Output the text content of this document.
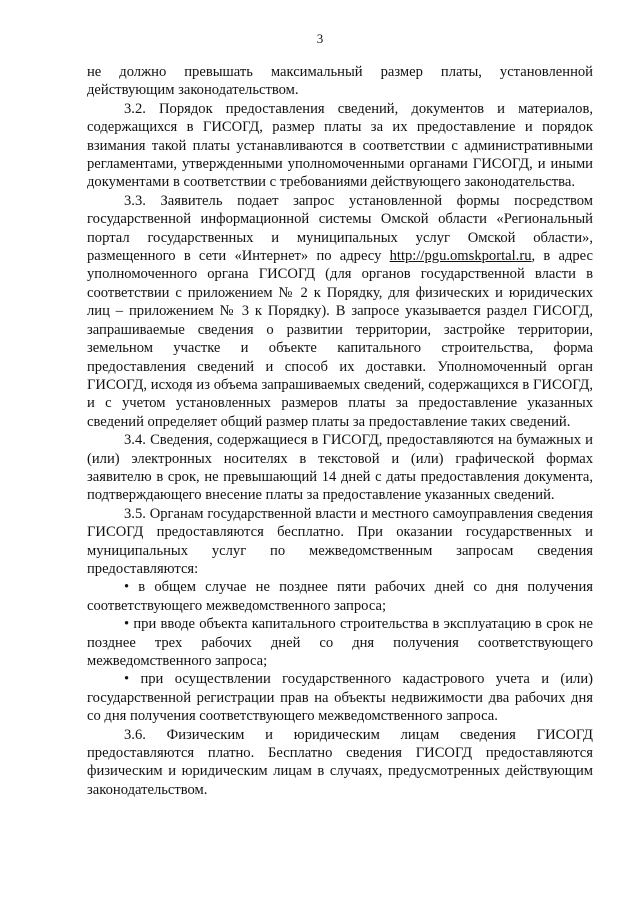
3

не должно превышать максимальный размер платы, установленной действующим законодательством.

3.2. Порядок предоставления сведений, документов и материалов, содержащихся в ГИСОГД, размер платы за их предоставление и порядок взимания такой платы устанавливаются в соответствии с административными регламентами, утвержденными уполномоченными органами ГИСОГД, и иными документами в соответствии с требованиями действующего законодательства.

3.3. Заявитель подает запрос установленной формы посредством государственной информационной системы Омской области «Региональный портал государственных и муниципальных услуг Омской области», размещенного в сети «Интернет» по адресу http://pgu.omskportal.ru, в адрес уполномоченного органа ГИСОГД (для органов государственной власти в соответствии с приложением № 2 к Порядку, для физических и юридических лиц – приложением № 3 к Порядку). В запросе указывается раздел ГИСОГД, запрашиваемые сведения о развитии территории, застройке территории, земельном участке и объекте капитального строительства, форма предоставления сведений и способ их доставки. Уполномоченный орган ГИСОГД, исходя из объема запрашиваемых сведений, содержащихся в ГИСОГД, и с учетом установленных размеров платы за предоставление указанных сведений определяет общий размер платы за предоставление таких сведений.

3.4. Сведения, содержащиеся в ГИСОГД, предоставляются на бумажных и (или) электронных носителях в текстовой и (или) графической формах заявителю в срок, не превышающий 14 дней с даты предоставления документа, подтверждающего внесение платы за предоставление указанных сведений.

3.5. Органам государственной власти и местного самоуправления сведения ГИСОГД предоставляются бесплатно. При оказании государственных и муниципальных услуг по межведомственным запросам сведения предоставляются:

• в общем случае не позднее пяти рабочих дней со дня получения соответствующего межведомственного запроса;

• при вводе объекта капитального строительства в эксплуатацию в срок не позднее трех рабочих дней со дня получения соответствующего межведомственного запроса;

• при осуществлении государственного кадастрового учета и (или) государственной регистрации прав на объекты недвижимости два рабочих дня со дня получения соответствующего межведомственного запроса.

3.6. Физическим и юридическим лицам сведения ГИСОГД предоставляются платно. Бесплатно сведения ГИСОГД предоставляются физическим и юридическим лицам в случаях, предусмотренных действующим законодательством.
